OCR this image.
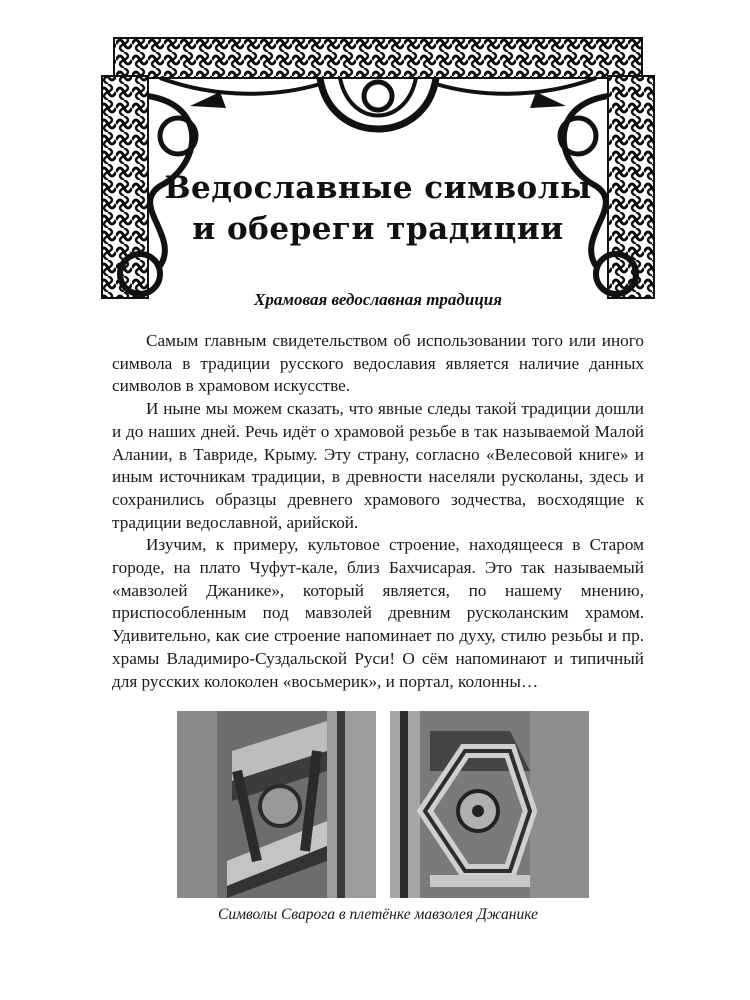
Ведославные символы
и обереги традиции
Храмовая ведославная традиция

Самым главным свидетельством об использовании того или иного символа в традиции русского ведославия является наличие данных символов в храмовом искусстве.

И ныне мы можем сказать, что явные следы такой традиции дошли и до наших дней. Речь идёт о храмовой резьбе в так называемой Малой Алании, в Тавриде, Крыму. Эту страну, согласно «Велесовой книге» и иным источникам традиции, в древности населяли русколаны, здесь и сохранились образцы древнего храмового зодчества, восходящие к традиции ведославной, арийской.

Изучим, к примеру, культовое строение, находящееся в Старом городе, на плато Чуфут-кале, близ Бахчисарая. Это так называемый «мавзолей Джанике», который является, по нашему мнению, приспособленным под мавзолей древним русколанским храмом. Удивительно, как сие строение напоминает по духу, стилю резьбы и пр. храмы Владимиро-Суздальской Руси! О сём напоминают и типичный для русских колоколен «восьмерик», и портал, колонны…

Символы Сварога в плетёнке мавзолея Джанике
